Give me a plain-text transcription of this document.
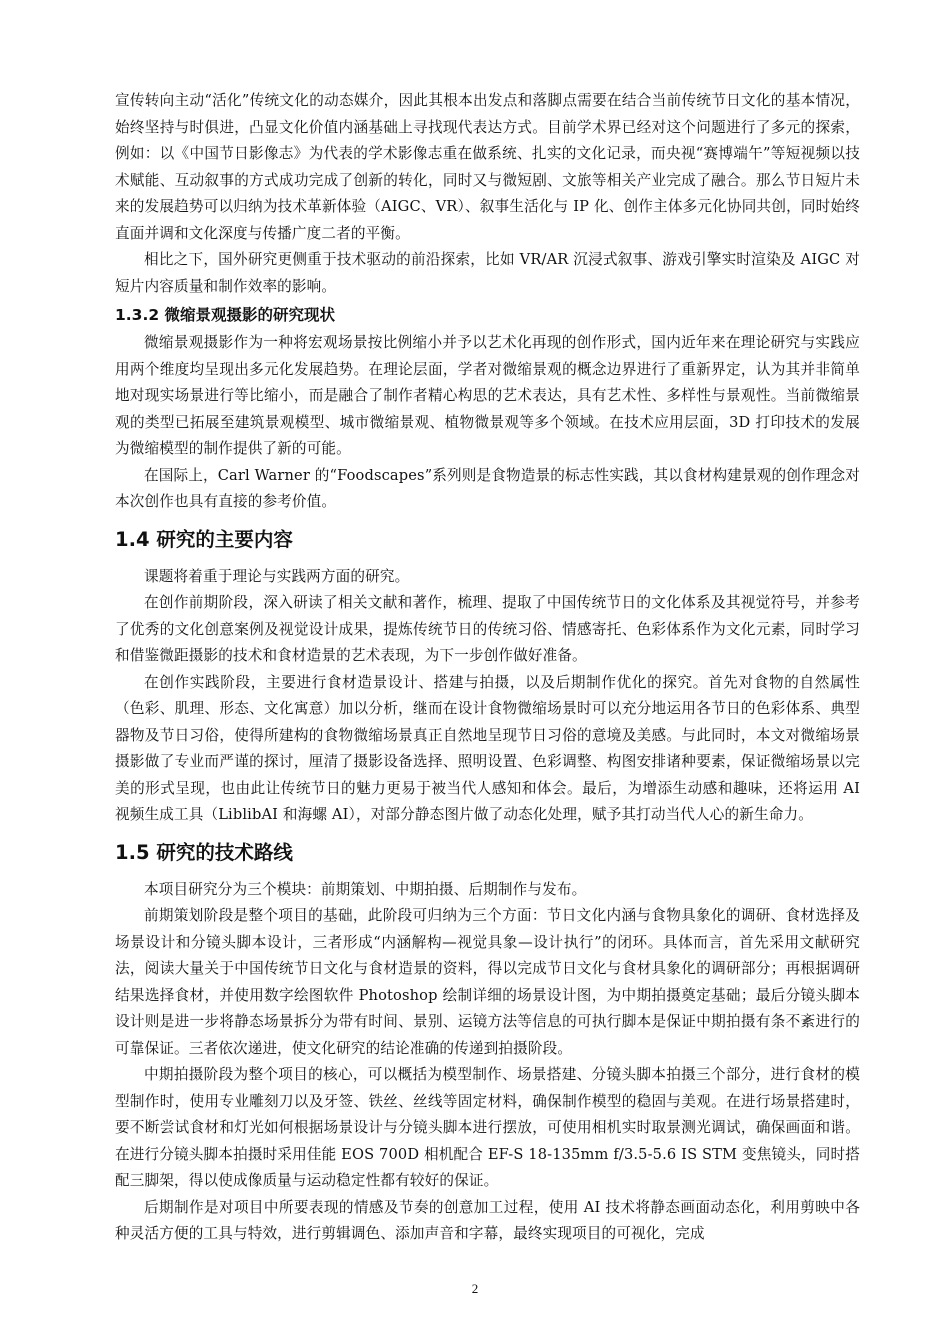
宣传转向主动“活化”传统文化的动态媒介，因此其根本出发点和落脚点需要在结合当前传统节日文化的基本情况，始终坚持与时俱进，凸显文化价值内涵基础上寻找现代表达方式。目前学术界已经对这个问题进行了多元的探索，例如：以《中国节日影像志》为代表的学术影像志重在做系统、扎实的文化记录，而央视“赛博端午”等短视频以技术赋能、互动叙事的方式成功完成了创新的转化，同时又与微短剧、文旅等相关产业完成了融合。那么节日短片未来的发展趋势可以归纳为技术革新体验（AIGC、VR）、叙事生活化与 IP 化、创作主体多元化协同共创，同时始终直面并调和文化深度与传播广度二者的平衡。

相比之下，国外研究更侧重于技术驱动的前沿探索，比如 VR/AR 沉浸式叙事、游戏引擎实时渲染及 AIGC 对短片内容质量和制作效率的影响。

1.3.2 微缩景观摄影的研究现状

微缩景观摄影作为一种将宏观场景按比例缩小并予以艺术化再现的创作形式，国内近年来在理论研究与实践应用两个维度均呈现出多元化发展趋势。在理论层面，学者对微缩景观的概念边界进行了重新界定，认为其并非简单地对现实场景进行等比缩小，而是融合了制作者精心构思的艺术表达，具有艺术性、多样性与景观性。当前微缩景观的类型已拓展至建筑景观模型、城市微缩景观、植物微景观等多个领域。在技术应用层面，3D 打印技术的发展为微缩模型的制作提供了新的可能。

在国际上，Carl Warner 的“Foodscapes”系列则是食物造景的标志性实践，其以食材构建景观的创作理念对本次创作也具有直接的参考价值。

1.4 研究的主要内容

课题将着重于理论与实践两方面的研究。

在创作前期阶段，深入研读了相关文献和著作，梳理、提取了中国传统节日的文化体系及其视觉符号，并参考了优秀的文化创意案例及视觉设计成果，提炼传统节日的传统习俗、情感寄托、色彩体系作为文化元素，同时学习和借鉴微距摄影的技术和食材造景的艺术表现，为下一步创作做好准备。

在创作实践阶段，主要进行食材造景设计、搭建与拍摄，以及后期制作优化的探究。首先对食物的自然属性（色彩、肌理、形态、文化寓意）加以分析，继而在设计食物微缩场景时可以充分地运用各节日的色彩体系、典型器物及节日习俗，使得所建构的食物微缩场景真正自然地呈现节日习俗的意境及美感。与此同时，本文对微缩场景摄影做了专业而严谨的探讨，厘清了摄影设备选择、照明设置、色彩调整、构图安排诸种要素，保证微缩场景以完美的形式呈现，也由此让传统节日的魅力更易于被当代人感知和体会。最后，为增添生动感和趣味，还将运用 AI 视频生成工具（LiblibAI 和海螺 AI），对部分静态图片做了动态化处理，赋予其打动当代人心的新生命力。

1.5 研究的技术路线

本项目研究分为三个模块：前期策划、中期拍摄、后期制作与发布。

前期策划阶段是整个项目的基础，此阶段可归纳为三个方面：节日文化内涵与食物具象化的调研、食材选择及场景设计和分镜头脚本设计，三者形成“内涵解构—视觉具象—设计执行”的闭环。具体而言，首先采用文献研究法，阅读大量关于中国传统节日文化与食材造景的资料，得以完成节日文化与食材具象化的调研部分；再根据调研结果选择食材，并使用数字绘图软件 Photoshop 绘制详细的场景设计图，为中期拍摄奠定基础；最后分镜头脚本设计则是进一步将静态场景拆分为带有时间、景别、运镜方法等信息的可执行脚本是保证中期拍摄有条不紊进行的可靠保证。三者依次递进，使文化研究的结论准确的传递到拍摄阶段。

中期拍摄阶段为整个项目的核心，可以概括为模型制作、场景搭建、分镜头脚本拍摄三个部分，进行食材的模型制作时，使用专业雕刻刀以及牙签、铁丝、丝线等固定材料，确保制作模型的稳固与美观。在进行场景搭建时，要不断尝试食材和灯光如何根据场景设计与分镜头脚本进行摆放，可使用相机实时取景测光调试，确保画面和谐。在进行分镜头脚本拍摄时采用佳能 EOS 700D 相机配合 EF-S 18-135mm f/3.5-5.6 IS STM 变焦镜头，同时搭配三脚架，得以使成像质量与运动稳定性都有较好的保证。

后期制作是对项目中所要表现的情感及节奏的创意加工过程，使用 AI 技术将静态画面动态化，利用剪映中各种灵活方便的工具与特效，进行剪辑调色、添加声音和字幕，最终实现项目的可视化，完成

2
